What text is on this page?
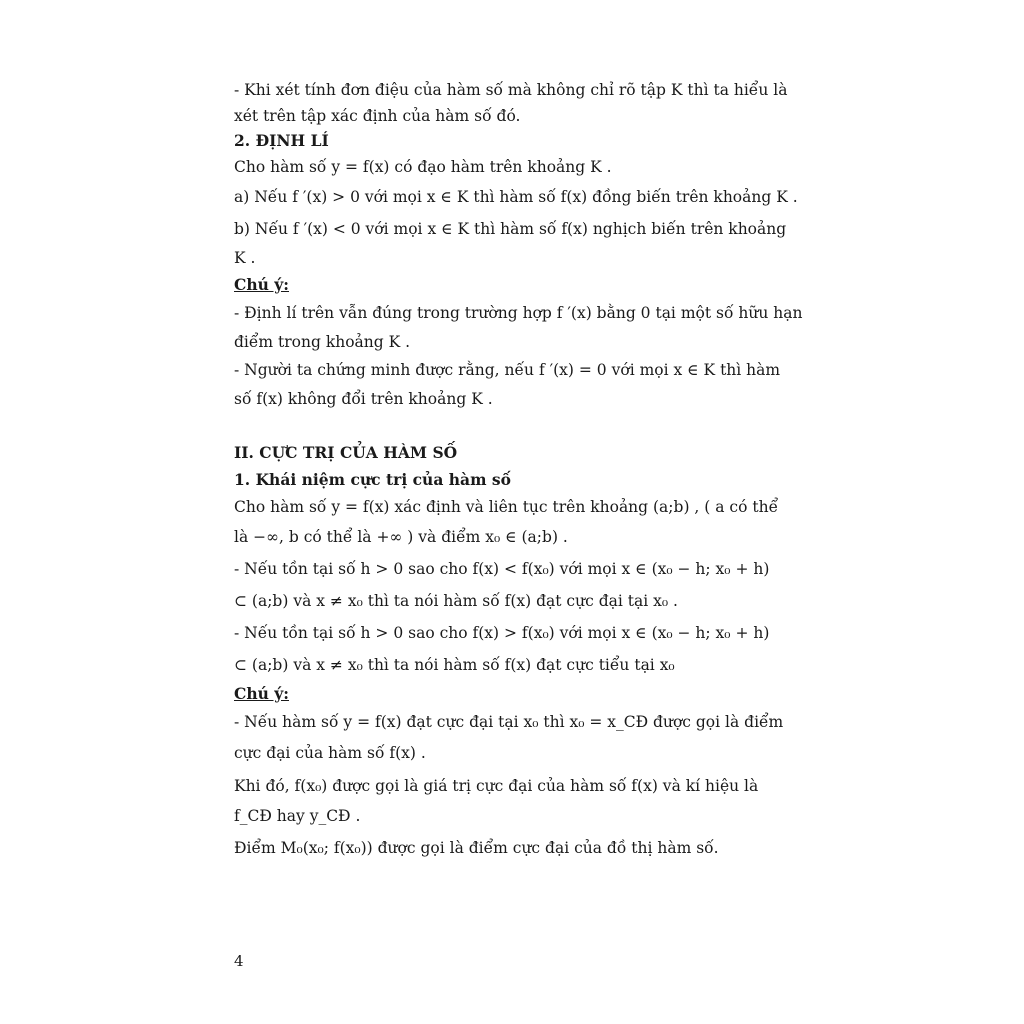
- Khi xét tính đơn điệu của hàm số mà không chỉ rõ tập K thì ta hiểu là
xét trên tập xác định của hàm số đó.
2. ĐỊNH LÍ
Cho hàm số y = f(x) có đạo hàm trên khoảng K .
a) Nếu f ′(x) > 0 với mọi x ∈ K thì hàm số f(x) đồng biến trên khoảng K .
b) Nếu f ′(x) < 0 với mọi x ∈ K thì hàm số f(x) nghịch biến trên khoảng
K .
Chú ý:
- Định lí trên vẫn đúng trong trường hợp f ′(x) bằng 0 tại một số hữu hạn
điểm trong khoảng K .
- Người ta chứng minh được rằng, nếu f ′(x) = 0 với mọi x ∈ K thì hàm
số f(x) không đổi trên khoảng K .
II. CỰC TRỊ CỦA HÀM SỐ
1. Khái niệm cực trị của hàm số
Cho hàm số y = f(x) xác định và liên tục trên khoảng (a;b) , ( a có thể
là −∞, b có thể là +∞ ) và điểm x₀ ∈ (a;b) .
- Nếu tồn tại số h > 0 sao cho f(x) < f(x₀) với mọi x ∈ (x₀ − h; x₀ + h)
⊂ (a;b) và x ≠ x₀ thì ta nói hàm số f(x) đạt cực đại tại x₀ .
- Nếu tồn tại số h > 0 sao cho f(x) > f(x₀) với mọi x ∈ (x₀ − h; x₀ + h)
⊂ (a;b) và x ≠ x₀ thì ta nói hàm số f(x) đạt cực tiểu tại x₀
Chú ý:
- Nếu hàm số y = f(x) đạt cực đại tại x₀ thì x₀ = x_CĐ được gọi là điểm
cực đại của hàm số f(x) .
Khi đó, f(x₀) được gọi là giá trị cực đại của hàm số f(x) và kí hiệu là
f_CĐ hay y_CĐ .
Điểm M₀(x₀; f(x₀)) được gọi là điểm cực đại của đồ thị hàm số.
4
